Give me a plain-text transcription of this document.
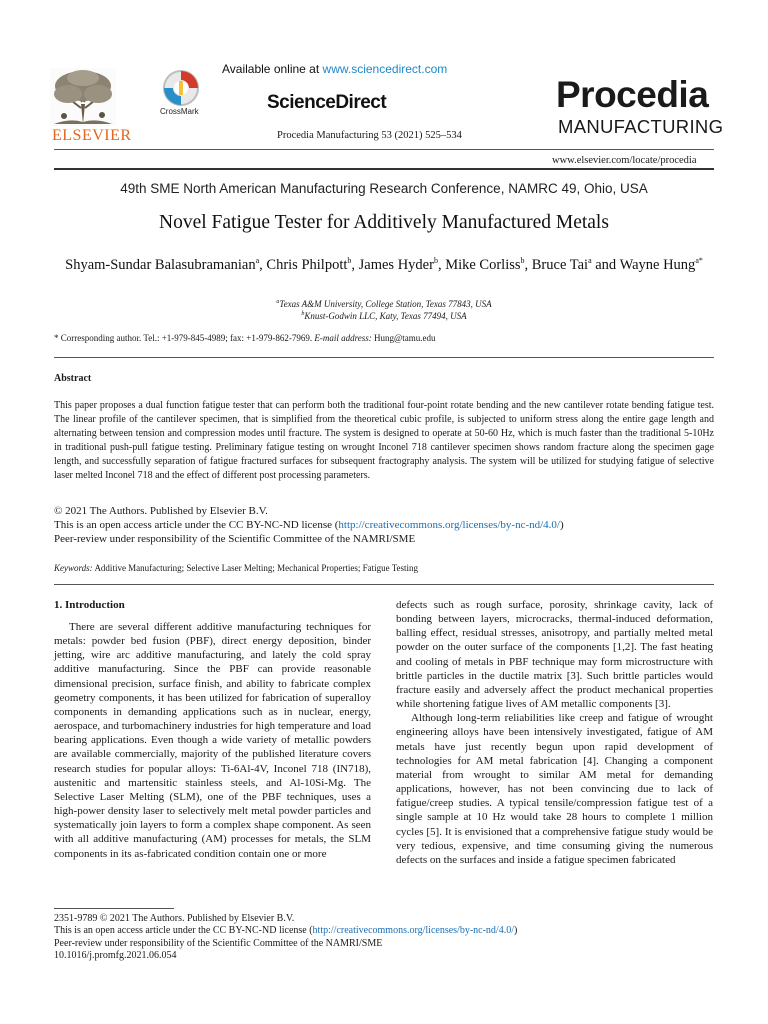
ELSEVIER
CrossMark
Available online at www.sciencedirect.com
ScienceDirect
Procedia Manufacturing 53 (2021) 525–534
Procedia
MANUFACTURING
www.elsevier.com/locate/procedia
49th SME North American Manufacturing Research Conference, NAMRC 49, Ohio, USA
Novel Fatigue Tester for Additively Manufactured Metals
Shyam-Sundar Balasubramanian$^a$, Chris Philpott$^b$, James Hyder$^b$, Mike Corliss$^b$, Bruce Tai$^a$ and Wayne Hung$^{a*}$
$^a$Texas A&M University, College Station, Texas 77843, USA
$^b$Knust-Godwin LLC, Katy, Texas 77494, USA
* Corresponding author. Tel.: +1-979-845-4989; fax: +1-979-862-7969. E-mail address: Hung@tamu.edu
Abstract

This paper proposes a dual function fatigue tester that can perform both the traditional four-point rotate bending and the new cantilever rotate bending fatigue test. The linear profile of the cantilever specimen, that is simplified from the theoretical cubic profile, is subjected to uniform stress along the entire gage length and alternating between tension and compression modes until fracture. The system is designed to operate at 50-60 Hz, which is much faster than the traditional 5-10Hz in traditional push-pull fatigue testing. Preliminary fatigue testing on wrought Inconel 718 cantilever specimen shows random fracture along the specimen gage length, and successfully separation of fatigue fractured surfaces for subsequent fractography analysis. The system will be utilized for studying fatigue of selective laser melted Inconel 718 and the effect of different post processing parameters.

© 2021 The Authors. Published by Elsevier B.V.
This is an open access article under the CC BY-NC-ND license (http://creativecommons.org/licenses/by-nc-nd/4.0/)
Peer-review under responsibility of the Scientific Committee of the NAMRI/SME
Keywords: Additive Manufacturing; Selective Laser Melting; Mechanical Properties; Fatigue Testing
1. Introduction

There are several different additive manufacturing techniques for metals: powder bed fusion (PBF), direct energy deposition, binder jetting, wire arc additive manufacturing, and lately the cold spray additive manufacturing. Since the PBF can provide reasonable dimensional precision, surface finish, and ability to fabricate complex geometry components, it has been utilized for fabrication of superalloy components in demanding applications such as in nuclear, energy, aerospace, and turbomachinery industries for high temperature and load bearing applications. Even though a wide variety of metallic powders are available commercially, majority of the published literature covers research studies for popular alloys: Ti-6Al-4V, Inconel 718 (IN718), austenitic and martensitic stainless steels, and Al-10Si-Mg. The Selective Laser Melting (SLM), one of the PBF techniques, uses a high-power density laser to selectively melt metal powder particles and systematically join layers to form a complex shape component. As seen with all additive manufacturing (AM) processes for metals, the SLM components in its as-fabricated condition contain one or more

defects such as rough surface, porosity, shrinkage cavity, lack of bonding between layers, microcracks, thermal-induced deformation, balling effect, residual stresses, anisotropy, and partially melted metal powder on the outer surface of the components [1,2]. The fast heating and cooling of metals in PBF technique may form microstructure with brittle particles in the ductile matrix [3]. Such brittle particles would fracture easily and adversely affect the product mechanical properties while shortening fatigue lives of AM metallic components [3].

Although long-term reliabilities like creep and fatigue of wrought engineering alloys have been intensively investigated, fatigue of AM metals have just recently begun upon rapid development of technologies for AM metal fabrication [4]. Changing a component material from wrought to similar AM metal for demanding applications, however, has not been convincing due to lack of fatigue/creep studies. A typical tensile/compression fatigue test of a single sample at 10 Hz would take 28 hours to complete 1 million cycles [5]. It is envisioned that a comprehensive fatigue study would be very tedious, expensive, and time consuming giving the numerous defects on the surfaces and inside a fatigue specimen fabricated

2351-9789 © 2021 The Authors. Published by Elsevier B.V.
This is an open access article under the CC BY-NC-ND license (http://creativecommons.org/licenses/by-nc-nd/4.0/)
Peer-review under responsibility of the Scientific Committee of the NAMRI/SME
10.1016/j.promfg.2021.06.054
